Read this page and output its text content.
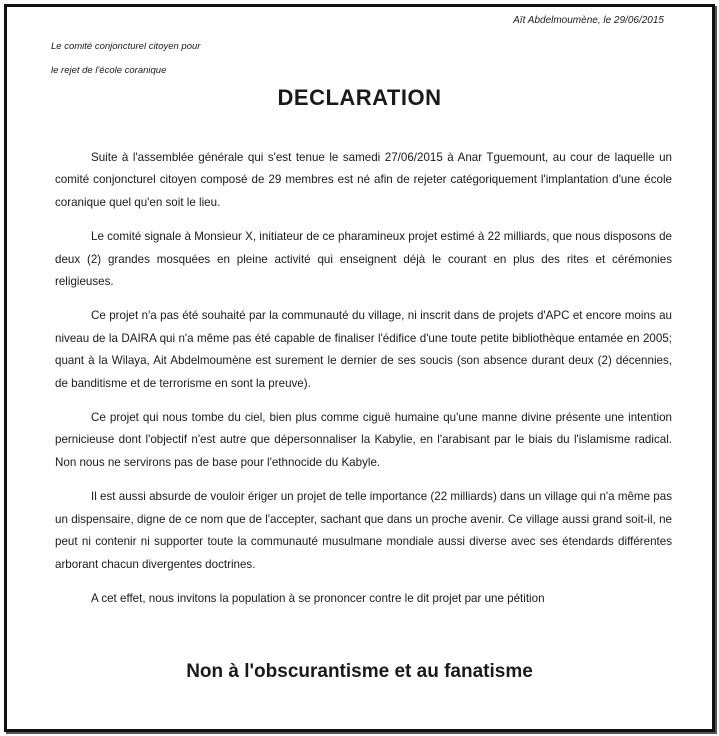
Aït Abdelmoumène, le 29/06/2015
Le comité conjoncturel citoyen pour
le rejet de l'école coranique
DECLARATION

Suite à l'assemblée générale qui s'est tenue le samedi 27/06/2015 à Anar Tguemount, au cour de laquelle un comité conjoncturel citoyen composé de 29 membres est né afin de rejeter catégoriquement l'implantation d'une école coranique quel qu'en soit le lieu.

Le comité signale à Monsieur X, initiateur de ce pharamineux projet estimé à 22 milliards, que nous disposons de deux (2) grandes mosquées en pleine activité qui enseignent déjà le courant en plus des rites et cérémonies religieuses.

Ce projet n'a pas été souhaité par la communauté du village, ni inscrit dans de projets d'APC et encore moins au niveau de la DAIRA qui n'a même pas été capable de finaliser l'édifice d'une toute petite bibliothèque entamée en 2005; quant à la Wilaya, Ait Abdelmoumène est surement le dernier de ses soucis (son absence durant deux (2) décennies, de banditisme et de terrorisme en sont la preuve).

Ce projet qui nous tombe du ciel, bien plus comme ciguë humaine qu'une manne divine présente une intention pernicieuse dont l'objectif n'est autre que dépersonnaliser la Kabylie, en l'arabisant par le biais du l'islamisme radical. Non nous ne servirons pas de base pour l'ethnocide du Kabyle.

Il est aussi absurde de vouloir ériger un projet de telle importance (22 milliards) dans un village qui n'a même pas un dispensaire, digne de ce nom que de l'accepter, sachant que dans un proche avenir. Ce village aussi grand soit-il, ne peut ni contenir ni supporter toute la communauté musulmane mondiale aussi diverse avec ses étendards différentes arborant chacun divergentes doctrines.

A cet effet, nous invitons la population à se prononcer contre le dit projet par une pétition

Non à l'obscurantisme et au fanatisme
